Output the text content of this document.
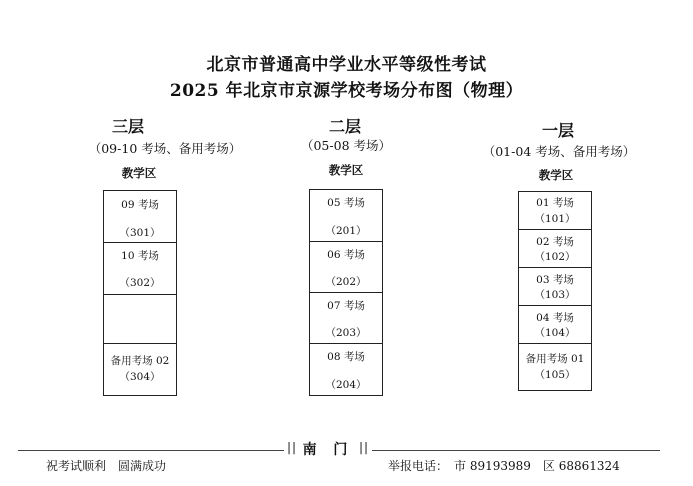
北京市普通高中学业水平等级性考试
2025 年北京市京源学校考场分布图（物理）
三层
（09-10 考场、备用考场）
教学区
09 考场
（301）
10 考场
（302）
备用考场 02
（304）
二层
（05-08 考场）
教学区
05 考场
（201）
06 考场
（202）
07 考场
（203）
08 考场
（204）
一层
（01-04 考场、备用考场）
教学区
01 考场
（101）
02 考场
（102）
03 考场
（103）
04 考场
（104）
备用考场 01
（105）
|| 南 门 ||
祝考试顺利　圆满成功	举报电话：　市 89193989　区 68861324
